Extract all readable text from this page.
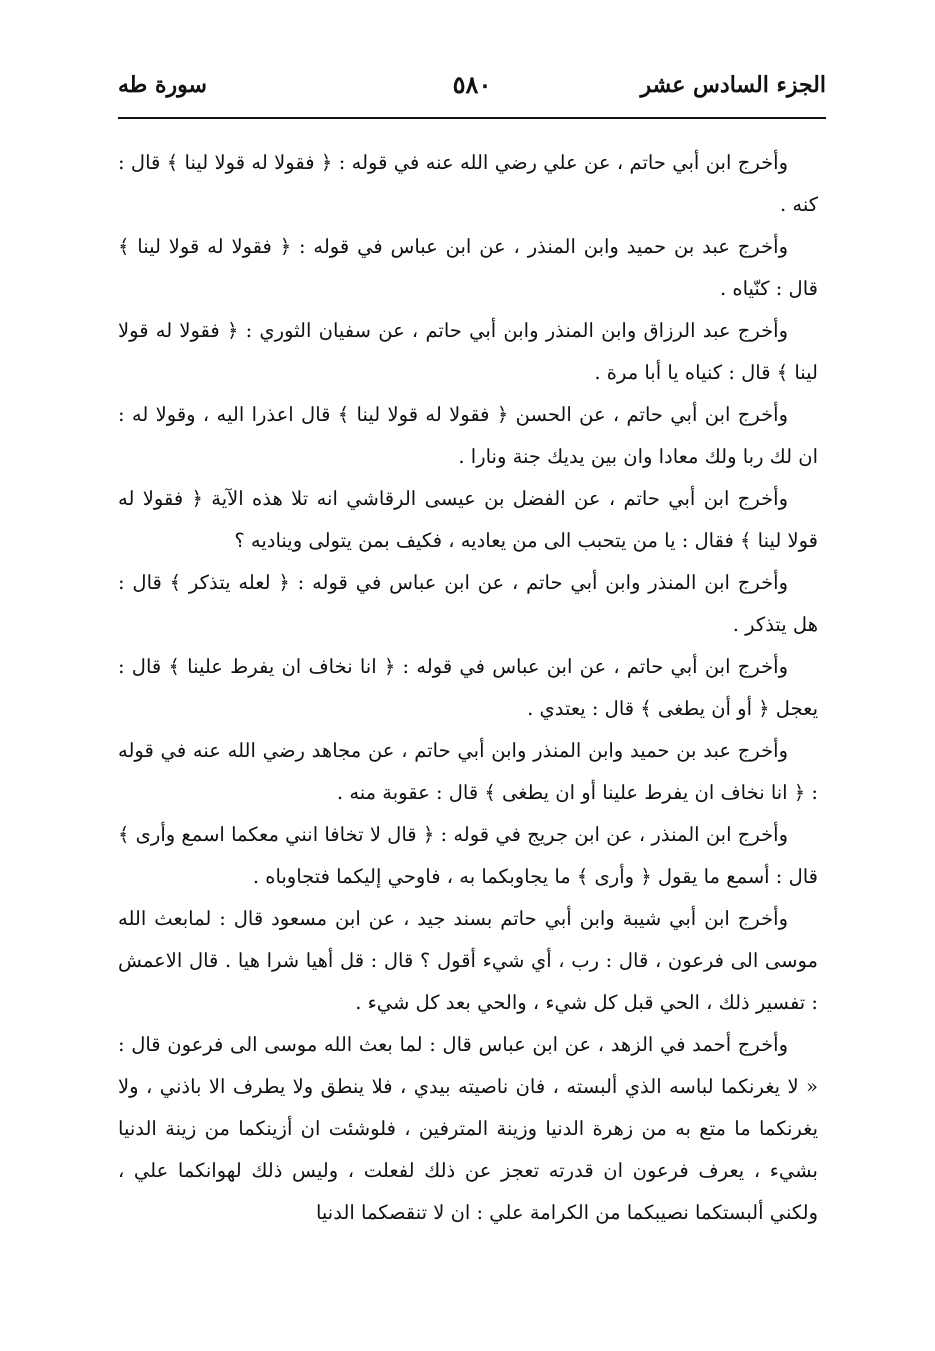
الجزء السادس عشر
٥٨٠
سورة طه

وأخرج ابن أبي حاتم ، عن علي رضي الله عنه في قوله : ﴿ فقولا له قولا لينا ﴾ قال : كنه .

وأخرج عبد بن حميد وابن المنذر ، عن ابن عباس في قوله : ﴿ فقولا له قولا لينا ﴾ قال : كنّياه .

وأخرج عبد الرزاق وابن المنذر وابن أبي حاتم ، عن سفيان الثوري : ﴿ فقولا له قولا لينا ﴾ قال : كنياه يا أبا مرة .

وأخرج ابن أبي حاتم ، عن الحسن ﴿ فقولا له قولا لينا ﴾ قال اعذرا اليه ، وقولا له : ان لك ربا ولك معادا وان بين يديك جنة ونارا .

وأخرج ابن أبي حاتم ، عن الفضل بن عيسى الرقاشي انه تلا هذه الآية ﴿ فقولا له قولا لينا ﴾ فقال : يا من يتحبب الى من يعاديه ، فكيف بمن يتولى ويناديه ؟

وأخرج ابن المنذر وابن أبي حاتم ، عن ابن عباس في قوله : ﴿ لعله يتذكر ﴾ قال : هل يتذكر .

وأخرج ابن أبي حاتم ، عن ابن عباس في قوله : ﴿ انا نخاف ان يفرط علينا ﴾ قال : يعجل ﴿ أو أن يطغى ﴾ قال : يعتدي .

وأخرج عبد بن حميد وابن المنذر وابن أبي حاتم ، عن مجاهد رضي الله عنه في قوله : ﴿ انا نخاف ان يفرط علينا أو ان يطغى ﴾ قال : عقوبة منه .

وأخرج ابن المنذر ، عن ابن جريج في قوله : ﴿ قال لا تخافا انني معكما اسمع وأرى ﴾ قال : أسمع ما يقول ﴿ وأرى ﴾ ما يجاوبكما به ، فاوحي إليكما فتجاوباه .

وأخرج ابن أبي شيبة وابن أبي حاتم بسند جيد ، عن ابن مسعود قال : لمابعث الله موسى الى فرعون ، قال : رب ، أي شيء أقول ؟ قال : قل أهيا شرا هيا . قال الاعمش : تفسير ذلك ، الحي قبل كل شيء ، والحي بعد كل شيء .

وأخرج أحمد في الزهد ، عن ابن عباس قال : لما بعث الله موسى الى فرعون قال : « لا يغرنكما لباسه الذي ألبسته ، فان ناصيته بيدي ، فلا ينطق ولا يطرف الا باذني ، ولا يغرنكما ما متع به من زهرة الدنيا وزينة المترفين ، فلوشئت ان أزينكما من زينة الدنيا بشيء ، يعرف فرعون ان قدرته تعجز عن ذلك لفعلت ، وليس ذلك لهوانكما علي ، ولكني ألبستكما نصيبكما من الكرامة علي : ان لا تنقصكما الدنيا
